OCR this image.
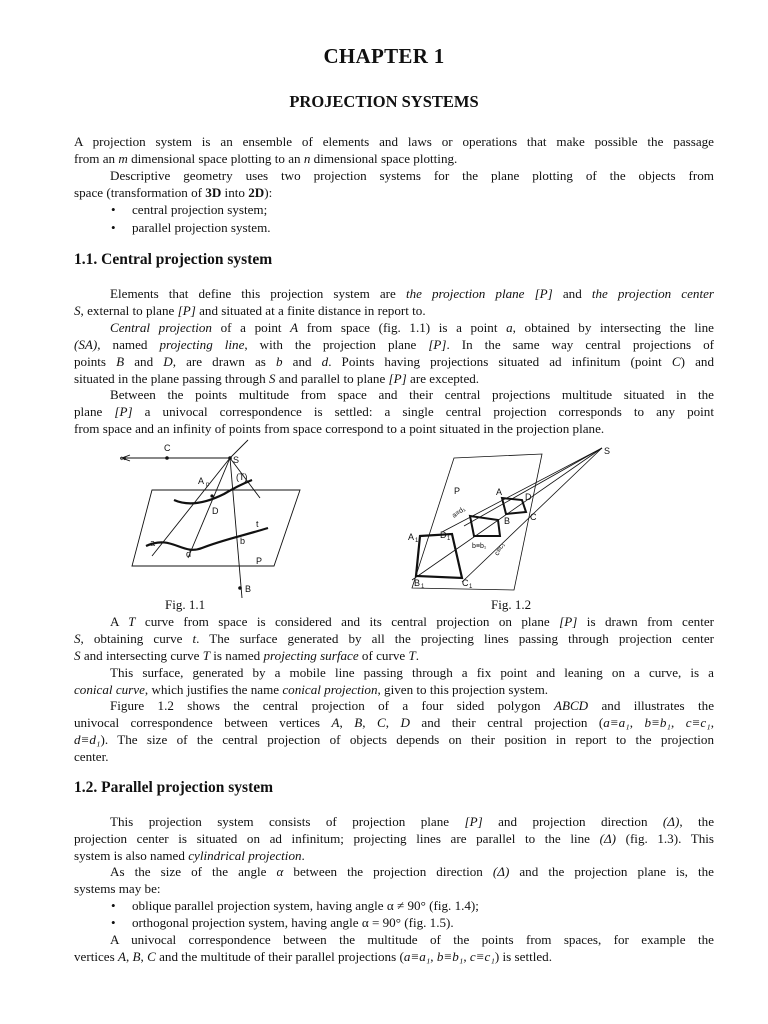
CHAPTER 1
PROJECTION SYSTEMS
A projection system is an ensemble of elements and laws or operations that make possible the passage
from an m dimensional space plotting to an n dimensional space plotting.
Descriptive geometry uses two projection systems for the plane plotting of the objects from
space (transformation of 3D into 2D):
• central projection system;
• parallel projection system.
1.1. Central projection system
Elements that define this projection system are the projection plane [P] and the projection center
S, external to plane [P] and situated at a finite distance in report to.
Central projection of a point A from space (fig. 1.1) is a point a, obtained by intersecting the line
(SA), named projecting line, with the projection plane [P]. In the same way central projections of
points B and D, are drawn as b and d. Points having projections situated ad infinitum (point C) and
situated in the plane passing through S and parallel to plane [P] are excepted.
Between the points multitude from space and their central projections multitude situated in the
plane [P] a univocal correspondence is settled: a single central projection corresponds to any point
from space and an infinity of points from space correspond to a point situated in the projection plane.
∞
C
S
A p
(T)
D
t
a
d
b
P
B
S
P	A	D
B C
A 1
D 1
B 1	C 1
a≡d₁
b≡b₁ c≡c₁
Fig. 1.1	Fig. 1.2
A T curve from space is considered and its central projection on plane [P] is drawn from center
S, obtaining curve t. The surface generated by all the projecting lines passing through projection center
S and intersecting curve T is named projecting surface of curve T.
This surface, generated by a mobile line passing through a fix point and leaning on a curve, is a
conical curve, which justifies the name conical projection, given to this projection system.
Figure 1.2 shows the central projection of a four sided polygon ABCD and illustrates the
univocal correspondence between vertices A, B, C, D and their central projection (a≡a₁, b≡b₁, c≡c₁,
d≡d₁). The size of the central projection of objects depends on their position in report to the projection
center.
1.2. Parallel projection system
This projection system consists of projection plane [P] and projection direction (Δ), the
projection center is situated on ad infinitum; projecting lines are parallel to the line (Δ) (fig. 1.3). This
system is also named cylindrical projection.
As the size of the angle α between the projection direction (Δ) and the projection plane is, the
systems may be:
• oblique parallel projection system, having angle α ≠ 90° (fig. 1.4);
• orthogonal projection system, having angle α = 90° (fig. 1.5).
A univocal correspondence between the multitude of the points from spaces, for example the
vertices A, B, C and the multitude of their parallel projections (a≡a₁, b≡b₁, c≡c₁) is settled.
